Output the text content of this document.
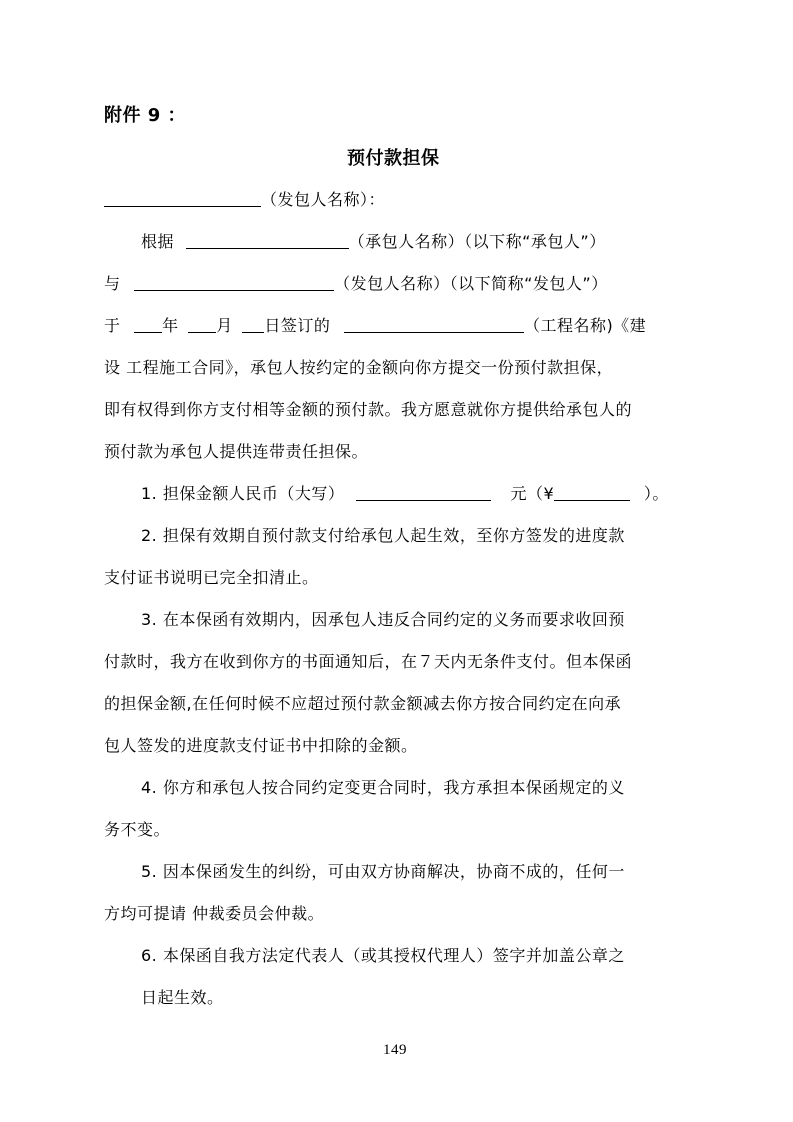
附件 9 ：
预付款担保
（发包人名称）：
根据	（承包人名称）（以下称“承包人”）
与	（发包人名称）（以下简称“发包人”）
于	年 月 日签订的	（工程名称)《建
设 工程施工合同》，承包人按约定的金额向你方提交一份预付款担保，
即有权得到你方支付相等金额的预付款。我方愿意就你方提供给承包人的
预付款为承包人提供连带责任担保。
1. 担保金额人民币（大写）	元（¥	）。
2. 担保有效期自预付款支付给承包人起生效，至你方签发的进度款
支付证书说明已完全扣清止。
3. 在本保函有效期内，因承包人违反合同约定的义务而要求收回预
付款时，我方在收到你方的书面通知后，在７天内无条件支付。但本保函
的担保金额,在任何时候不应超过预付款金额减去你方按合同约定在向承
包人签发的进度款支付证书中扣除的金额。
4. 你方和承包人按合同约定变更合同时，我方承担本保函规定的义
务不变。
5. 因本保函发生的纠纷，可由双方协商解决，协商不成的，任何一
方均可提请 仲裁委员会仲裁。
6. 本保函自我方法定代表人（或其授权代理人）签字并加盖公章之
日起生效。
149
